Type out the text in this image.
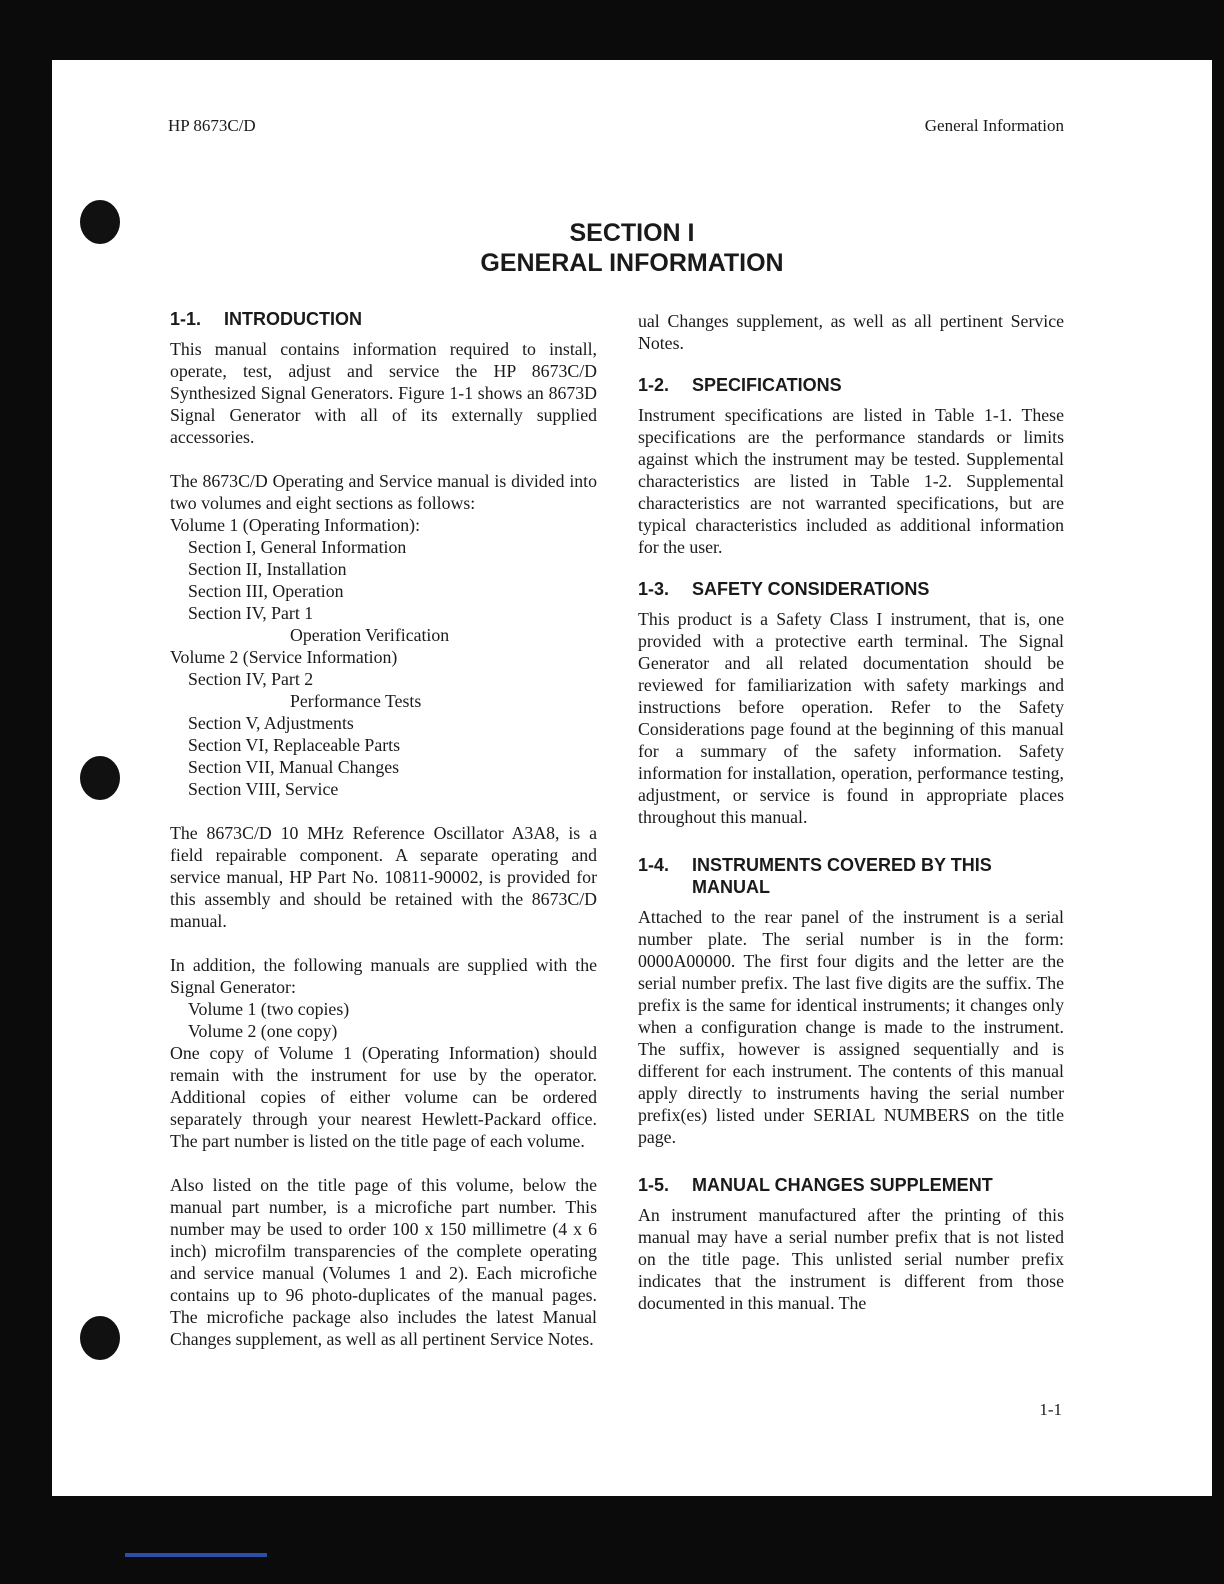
HP 8673C/D	General Information
SECTION I
GENERAL INFORMATION
1-1.	INTRODUCTION

This manual contains information required to install, operate, test, adjust and service the HP 8673C/D Synthesized Signal Generators. Figure 1-1 shows an 8673D Signal Generator with all of its externally supplied accessories.

The 8673C/D Operating and Service manual is divided into two volumes and eight sections as follows:

Volume 1 (Operating Information):
Section I, General Information
Section II, Installation
Section III, Operation
Section IV, Part 1
Operation Verification
Volume 2 (Service Information)
Section IV, Part 2
Performance Tests
Section V, Adjustments
Section VI, Replaceable Parts
Section VII, Manual Changes
Section VIII, Service

The 8673C/D 10 MHz Reference Oscillator A3A8, is a field repairable component. A separate operating and service manual, HP Part No. 10811-90002, is provided for this assembly and should be retained with the 8673C/D manual.

In addition, the following manuals are supplied with the Signal Generator:

Volume 1 (two copies)
Volume 2 (one copy)

One copy of Volume 1 (Operating Information) should remain with the instrument for use by the operator. Additional copies of either volume can be ordered separately through your nearest Hewlett-Packard office. The part number is listed on the title page of each volume.

Also listed on the title page of this volume, below the manual part number, is a microfiche part number. This number may be used to order 100 x 150 millimetre (4 x 6 inch) microfilm transparencies of the complete operating and service manual (Volumes 1 and 2). Each microfiche contains up to 96 photo-duplicates of the manual pages. The microfiche package also includes the latest Manual Changes supplement, as well as all pertinent Service Notes.

ual Changes supplement, as well as all pertinent Service Notes.

1-2.	SPECIFICATIONS

Instrument specifications are listed in Table 1-1. These specifications are the performance standards or limits against which the instrument may be tested. Supplemental characteristics are listed in Table 1-2. Supplemental characteristics are not warranted specifications, but are typical characteristics included as additional information for the user.

1-3.	SAFETY CONSIDERATIONS

This product is a Safety Class I instrument, that is, one provided with a protective earth terminal. The Signal Generator and all related documentation should be reviewed for familiarization with safety markings and instructions before operation. Refer to the Safety Considerations page found at the beginning of this manual for a summary of the safety information. Safety information for installation, operation, performance testing, adjustment, or service is found in appropriate places throughout this manual.

1-4.	INSTRUMENTS COVERED BY THIS MANUAL

Attached to the rear panel of the instrument is a serial number plate. The serial number is in the form: 0000A00000. The first four digits and the letter are the serial number prefix. The last five digits are the suffix. The prefix is the same for identical instruments; it changes only when a configuration change is made to the instrument. The suffix, however is assigned sequentially and is different for each instrument. The contents of this manual apply directly to instruments having the serial number prefix(es) listed under SERIAL NUMBERS on the title page.

1-5.	MANUAL CHANGES SUPPLEMENT

An instrument manufactured after the printing of this manual may have a serial number prefix that is not listed on the title page. This unlisted serial number prefix indicates that the instrument is different from those documented in this manual. The

1-1
